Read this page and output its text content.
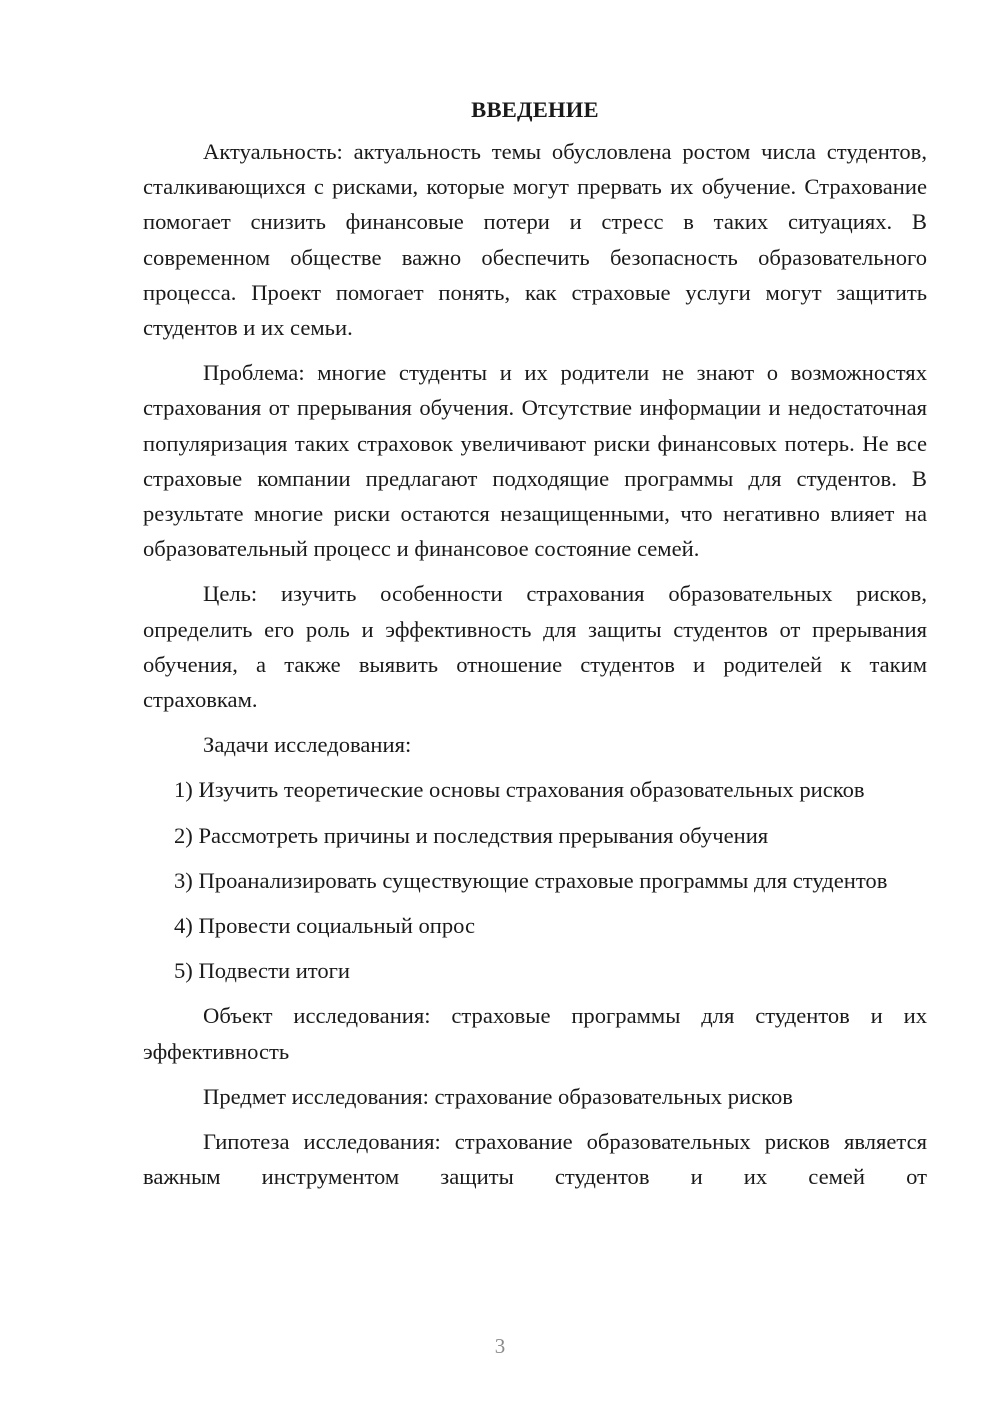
ВВЕДЕНИЕ
Актуальность: актуальность темы обусловлена ростом числа студентов, сталкивающихся с рисками, которые могут прервать их обучение. Страхование помогает снизить финансовые потери и стресс в таких ситуациях. В современном обществе важно обеспечить безопасность образовательного процесса. Проект помогает понять, как страховые услуги могут защитить студентов и их семьи.
Проблема: многие студенты и их родители не знают о возможностях страхования от прерывания обучения. Отсутствие информации и недостаточная популяризация таких страховок увеличивают риски финансовых потерь. Не все страховые компании предлагают подходящие программы для студентов. В результате многие риски остаются незащищенными, что негативно влияет на образовательный процесс и финансовое состояние семей.
Цель: изучить особенности страхования образовательных рисков, определить его роль и эффективность для защиты студентов от прерывания обучения, а также выявить отношение студентов и родителей к таким страховкам.
Задачи исследования:
1) Изучить теоретические основы страхования образовательных рисков
2) Рассмотреть причины и последствия прерывания обучения
3) Проанализировать существующие страховые программы для студентов
4) Провести социальный опрос
5) Подвести итоги
Объект исследования: страховые программы для студентов и их эффективность
Предмет исследования: страхование образовательных рисков
Гипотеза исследования: страхование образовательных рисков является важным инструментом защиты студентов и их семей от
3
